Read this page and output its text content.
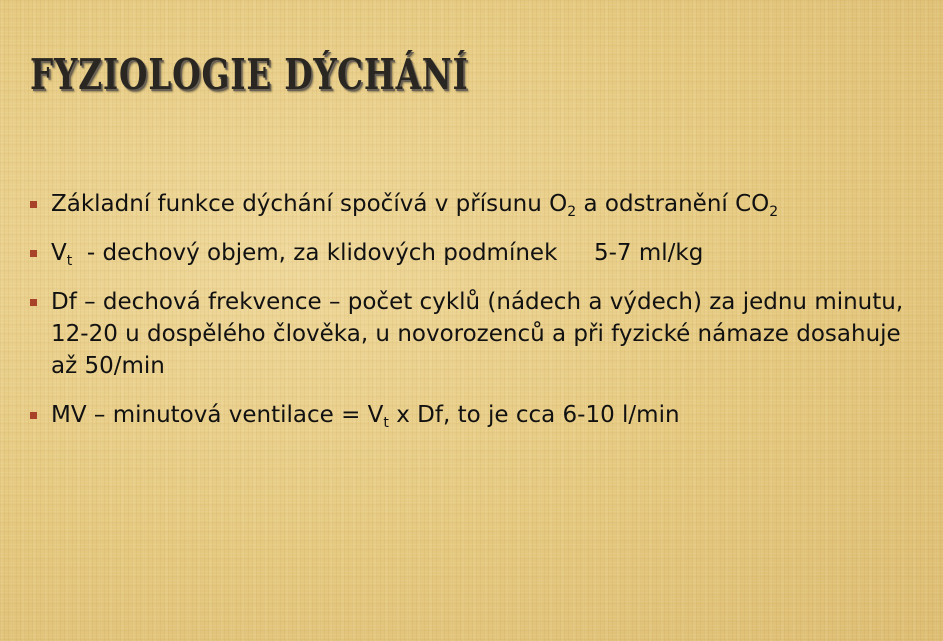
FYZIOLOGIE DÝCHÁNÍ
Základní funkce dýchání spočívá v přísunu $O_2$ a odstranění $CO_2$
$V_t$  - dechový objem, za klidových podmínek     5-7 ml/kg
Df – dechová frekvence – počet cyklů (nádech a výdech) za jednu minutu, 12-20 u dospělého člověka, u novorozenců a při fyzické námaze dosahuje až 50/min
MV – minutová ventilace = $V_t$ x Df, to je cca 6-10 l/min
